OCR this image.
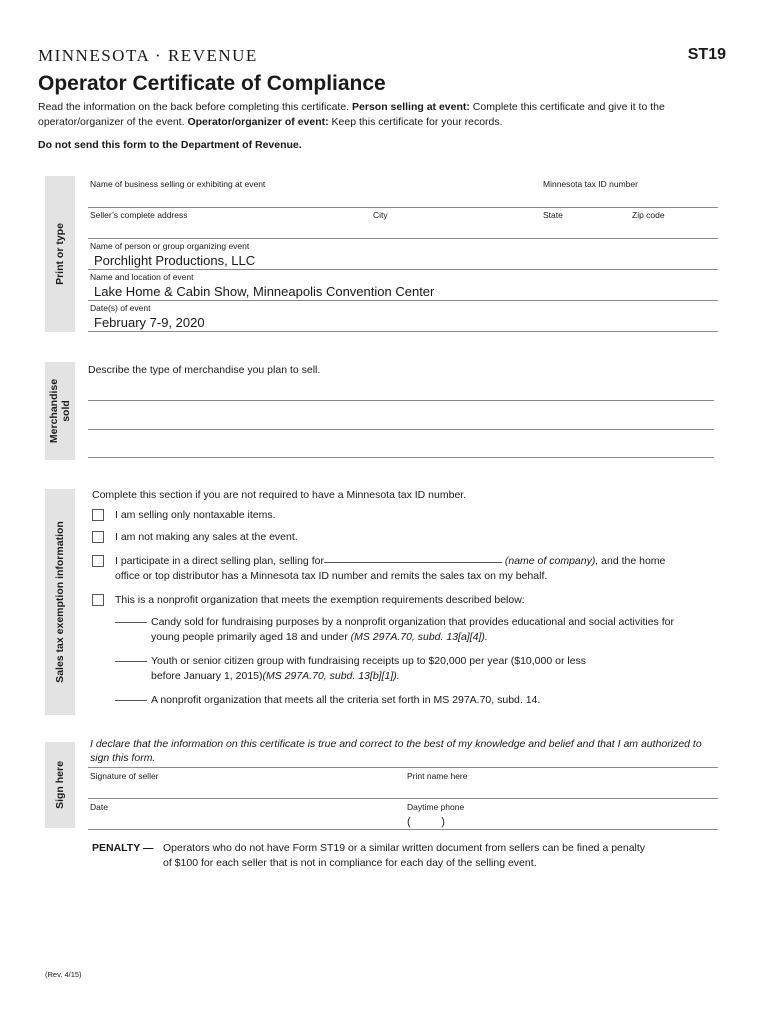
MINNESOTA · REVENUE	ST19
Operator Certificate of Compliance
Read the information on the back before completing this certificate. Person selling at event: Complete this certificate and give it to the operator/organizer of the event. Operator/organizer of event: Keep this certificate for your records.
Do not send this form to the Department of Revenue.
Print or type
Name of business selling or exhibiting at event	Minnesota tax ID number
Seller’s complete address	City	State	Zip code
Name of person or group organizing event
Porchlight Productions, LLC
Name and location of event
Lake Home & Cabin Show, Minneapolis Convention Center
Date(s) of event
February 7-9, 2020
Merchandise sold
Describe the type of merchandise you plan to sell.
Sales tax exemption information
Complete this section if you are not required to have a Minnesota tax ID number.
I am selling only nontaxable items.
I am not making any sales at the event.
I participate in a direct selling plan, selling for	(name of company), and the home
office or top distributor has a Minnesota tax ID number and remits the sales tax on my behalf.
This is a nonprofit organization that meets the exemption requirements described below:
Candy sold for fundraising purposes by a nonprofit organization that provides educational and social activities for
young people primarily aged 18 and under (MS 297A.70, subd. 13[a][4]).
Youth or senior citizen group with fundraising receipts up to $20,000 per year ($10,000 or less
before January 1, 2015)(MS 297A.70, subd. 13[b][1]).
A nonprofit organization that meets all the criteria set forth in MS 297A.70, subd. 14.
Sign here
I declare that the information on this certificate is true and correct to the best of my knowledge and belief and that I am authorized to sign this form.
Signature of seller	Print name here
Date	Daytime phone
(          )
PENALTY — Operators who do not have Form ST19 or a similar written document from sellers can be fined a penalty
of $100 for each seller that is not in compliance for each day of the selling event.
(Rev. 4/15)
